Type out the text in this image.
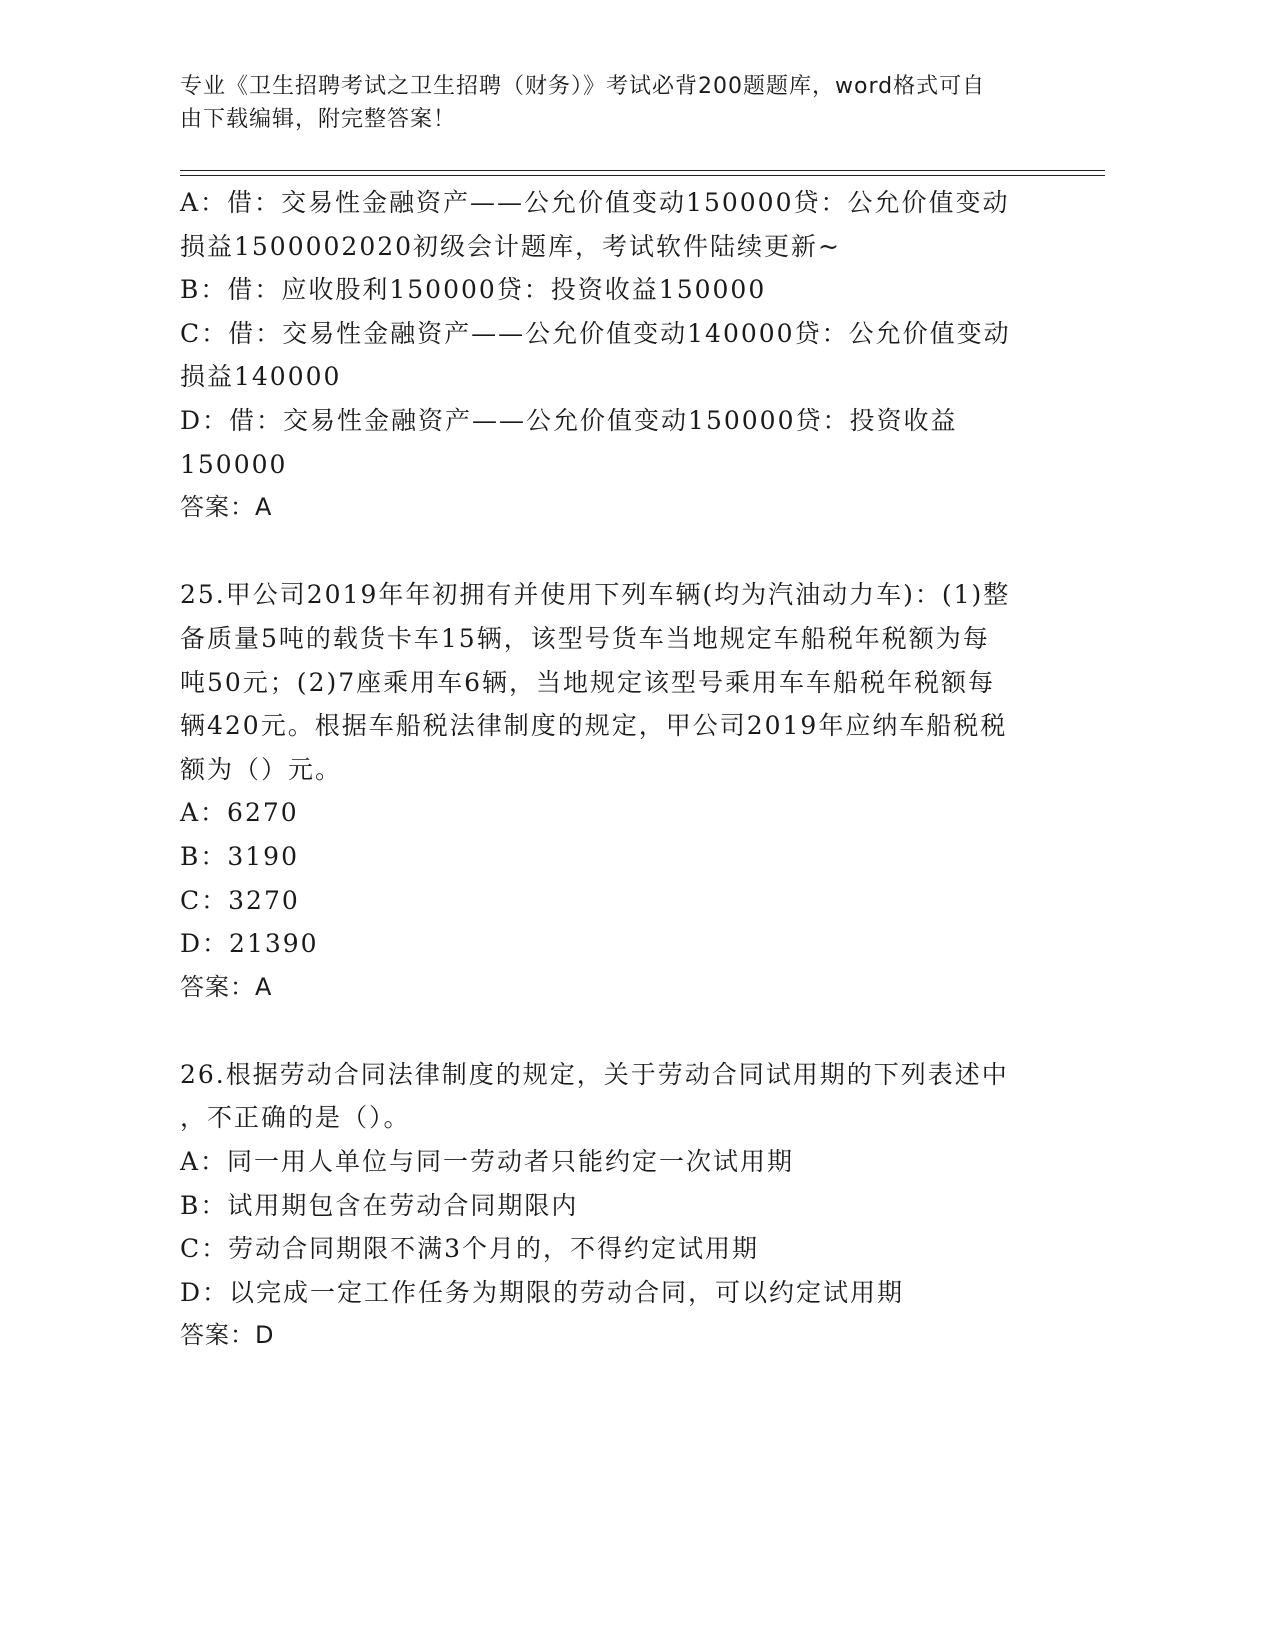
专业《卫生招聘考试之卫生招聘（财务）》考试必背200题题库，word格式可自
由下载编辑，附完整答案！

A：借：交易性金融资产——公允价值变动150000贷：公允价值变动

损益1500002020初级会计题库，考试软件陆续更新~

B：借：应收股利150000贷：投资收益150000

C：借：交易性金融资产——公允价值变动140000贷：公允价值变动

损益140000

D：借：交易性金融资产——公允价值变动150000贷：投资收益

150000

答案：A

25.甲公司2019年年初拥有并使用下列车辆(均为汽油动力车)：(1)整

备质量5吨的载货卡车15辆，该型号货车当地规定车船税年税额为每

吨50元；(2)7座乘用车6辆，当地规定该型号乘用车车船税年税额每

辆420元。根据车船税法律制度的规定，甲公司2019年应纳车船税税

额为（）元。

A：6270

B：3190

C：3270

D：21390

答案：A

26.根据劳动合同法律制度的规定，关于劳动合同试用期的下列表述中

，不正确的是（）。

A：同一用人单位与同一劳动者只能约定一次试用期

B：试用期包含在劳动合同期限内

C：劳动合同期限不满3个月的，不得约定试用期

D：以完成一定工作任务为期限的劳动合同，可以约定试用期

答案：D
